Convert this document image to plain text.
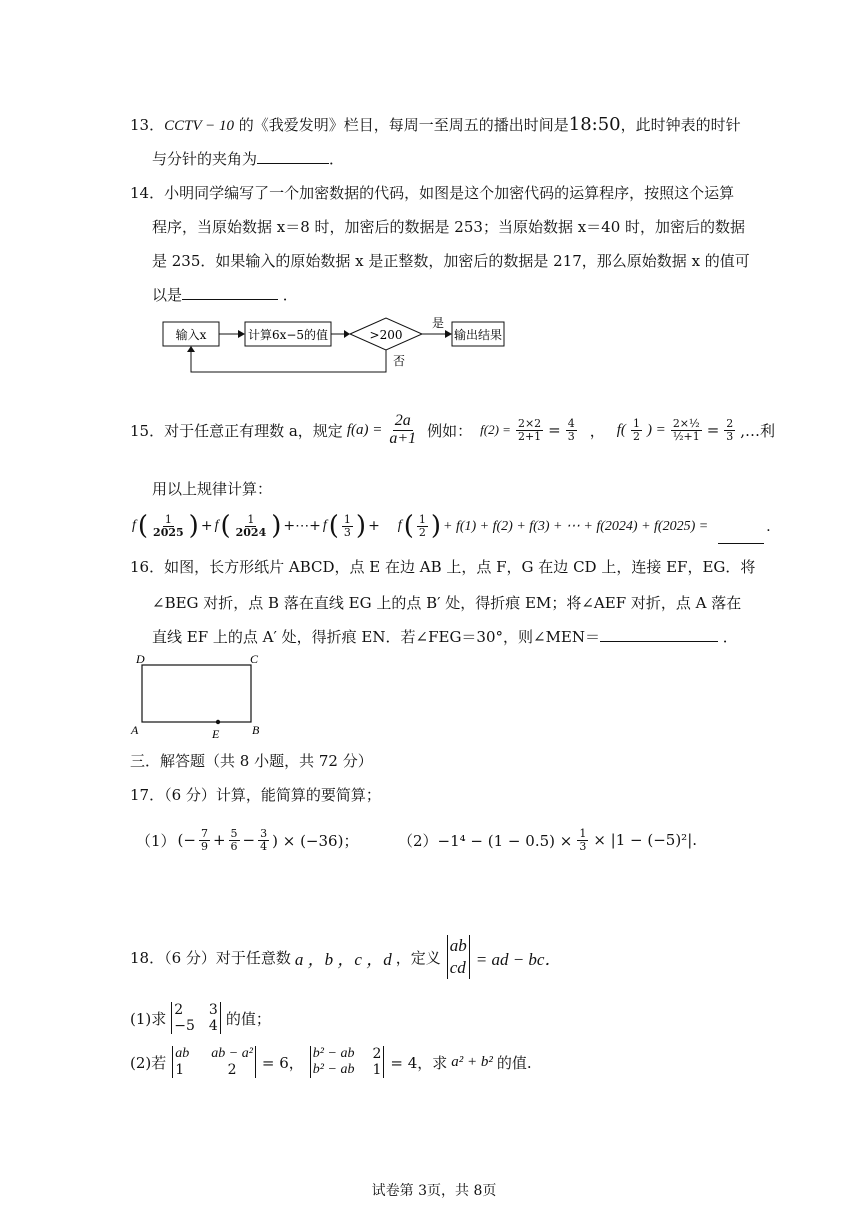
13．CCTV − 10 的《我爱发明》栏目，每周一至周五的播出时间是18:50，此时钟表的时针
与分针的夹角为	．
14．小明同学编写了一个加密数据的代码，如图是这个加密代码的运算程序，按照这个运算
程序，当原始数据 x＝8 时，加密后的数据是 253；当原始数据 x＝40 时，加密后的数据
是 235．如果输入的原始数据 x 是正整数，加密后的数据是 217，那么原始数据 x 的值可
以是	．
输入x	计算6x−5的值	>200
是
输出结果
否
15．对于任意正有理数 a，规定 $f(a) = \frac{2a}{a+1}$ 例如： $f(2) = \frac{2\times 2}{2+1} = \frac{4}{3}$ ， $f( \frac{1}{2}$ ) = $\frac{\text{2×½}}{\text{½+1}} = \frac{2}{3}$ ,…利
用以上规律计算：
f ( $\frac{1}{2025}$ ) + f ( $\frac{1}{2024}$ ) +⋯+ f ( $\frac{1}{3}$ ) + f ( $\frac{1}{2}$ ) + f(1) + f(2) + f(3) + ⋯ + f(2024) + f(2025) =	．
16．如图，长方形纸片 ABCD，点 E 在边 AB 上，点 F，G 在边 CD 上，连接 EF，EG．将
∠BEG 对折，点 B 落在直线 EG 上的点 B′ 处，得折痕 EM；将∠AEF 对折，点 A 落在
直线 EF 上的点 A′ 处，得折痕 EN．若∠FEG＝30°，则∠MEN＝	．
D	C
A	B
E
三．解答题（共 8 小题，共 72 分）
17．（6 分）计算，能简算的要简算；
（1） (− $\frac{7}{9} + \frac{5}{6} - \frac{3}{4}$ ) × (−36)；	$(2)-1^4 - (1 - 0.5) \times \frac{1}{3} \times |1 - (-5)^2|$.
18．（6 分）对于任意数 a ，b ，c ，d ，定义
ab
cd = ad − bc．
(1)求 2	3
−5 4 的值；
(2)若
ab ab − a²
1	2	= 6，
b² − ab 2
b² − ab 1 = 4，求 a² + b² 的值.
试卷第 3页，共 8页
